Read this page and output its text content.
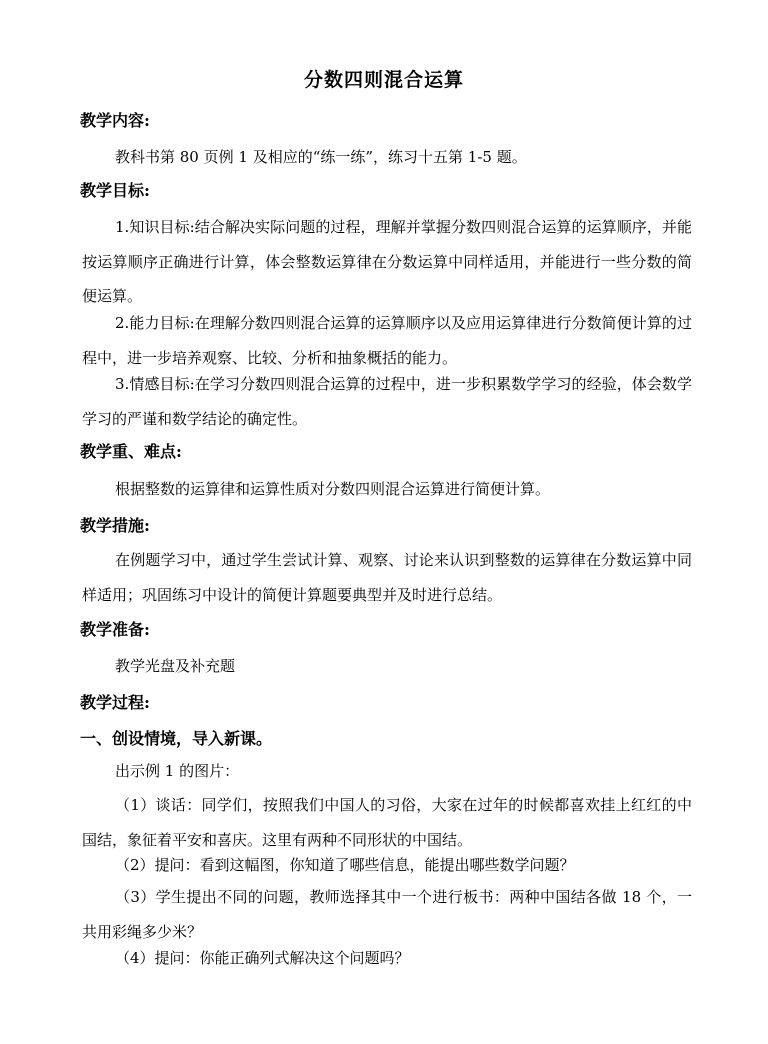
分数四则混合运算
教学内容:
教科书第 80 页例 1 及相应的“练一练”，练习十五第 1-5 题。
教学目标:
1.知识目标:结合解决实际问题的过程，理解并掌握分数四则混合运算的运算顺序，并能按运算顺序正确进行计算，体会整数运算律在分数运算中同样适用，并能进行一些分数的简便运算。
2.能力目标:在理解分数四则混合运算的运算顺序以及应用运算律进行分数简便计算的过程中，进一步培养观察、比较、分析和抽象概括的能力。
3.情感目标:在学习分数四则混合运算的过程中，进一步积累数学学习的经验，体会数学学习的严谨和数学结论的确定性。
教学重、难点:
根据整数的运算律和运算性质对分数四则混合运算进行简便计算。
教学措施:
在例题学习中，通过学生尝试计算、观察、讨论来认识到整数的运算律在分数运算中同样适用；巩固练习中设计的简便计算题要典型并及时进行总结。
教学准备:
教学光盘及补充题
教学过程:
一、创设情境，导入新课。
出示例 1 的图片：
（1）谈话：同学们，按照我们中国人的习俗，大家在过年的时候都喜欢挂上红红的中国结，象征着平安和喜庆。这里有两种不同形状的中国结。
（2）提问：看到这幅图，你知道了哪些信息，能提出哪些数学问题？
（3）学生提出不同的问题，教师选择其中一个进行板书：两种中国结各做 18 个，一共用彩绳多少米？
（4）提问：你能正确列式解决这个问题吗？
